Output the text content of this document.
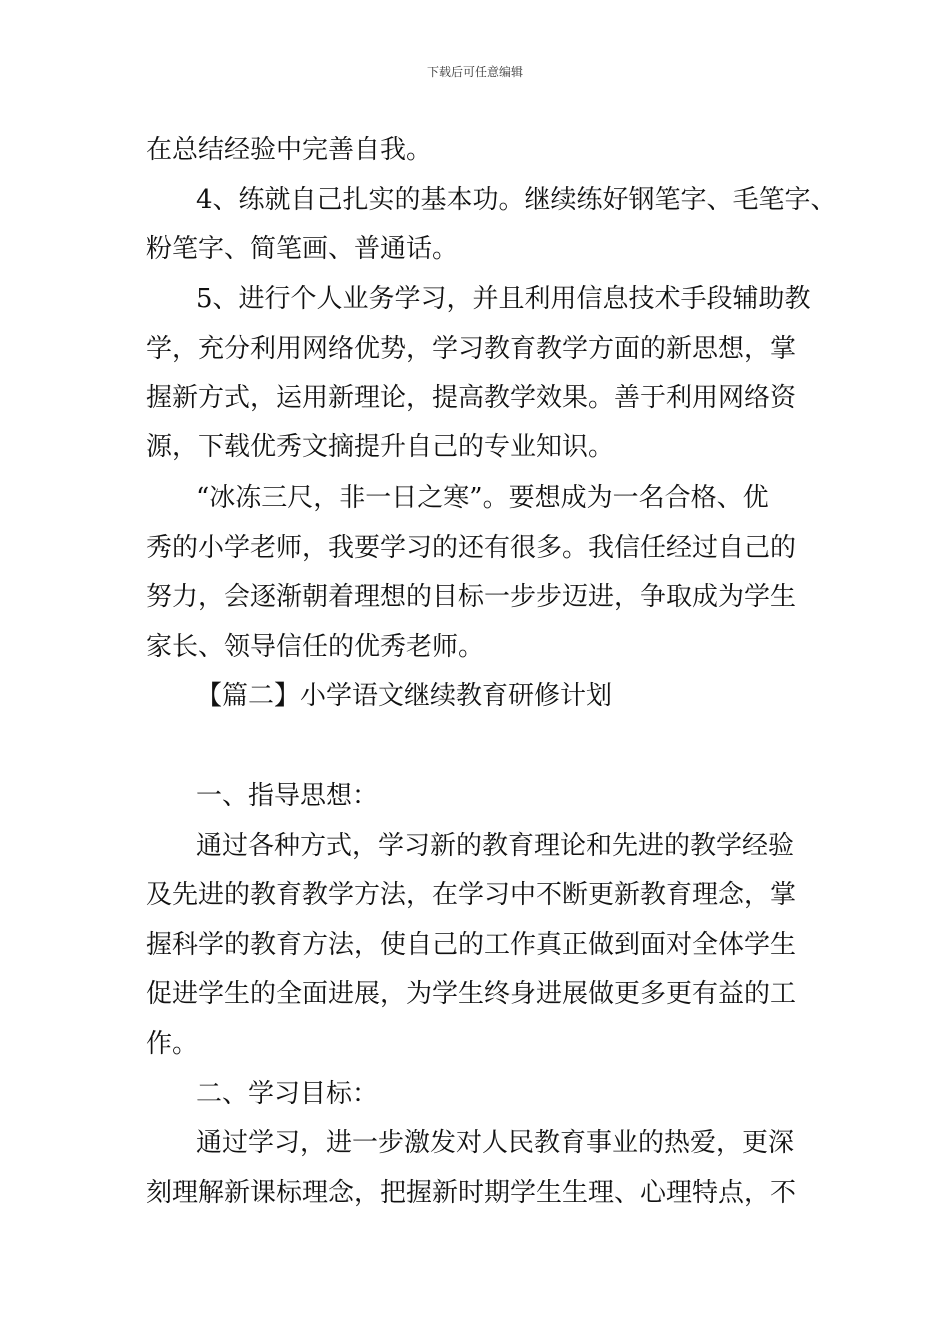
下载后可任意编辑
在总结经验中完善自我。
4、练就自己扎实的基本功。继续练好钢笔字、毛笔字、
粉笔字、简笔画、普通话。
5、进行个人业务学习，并且利用信息技术手段辅助教
学，充分利用网络优势，学习教育教学方面的新思想，掌
握新方式，运用新理论，提高教学效果。善于利用网络资
源，下载优秀文摘提升自己的专业知识。
“冰冻三尺，非一日之寒”。要想成为一名合格、优
秀的小学老师，我要学习的还有很多。我信任经过自己的
努力，会逐渐朝着理想的目标一步步迈进，争取成为学生
家长、领导信任的优秀老师。
【篇二】小学语文继续教育研修计划
一、指导思想：
通过各种方式，学习新的教育理论和先进的教学经验
及先进的教育教学方法，在学习中不断更新教育理念，掌
握科学的教育方法，使自己的工作真正做到面对全体学生
促进学生的全面进展，为学生终身进展做更多更有益的工
作。
二、学习目标：
通过学习，进一步激发对人民教育事业的热爱，更深
刻理解新课标理念，把握新时期学生生理、心理特点，不
